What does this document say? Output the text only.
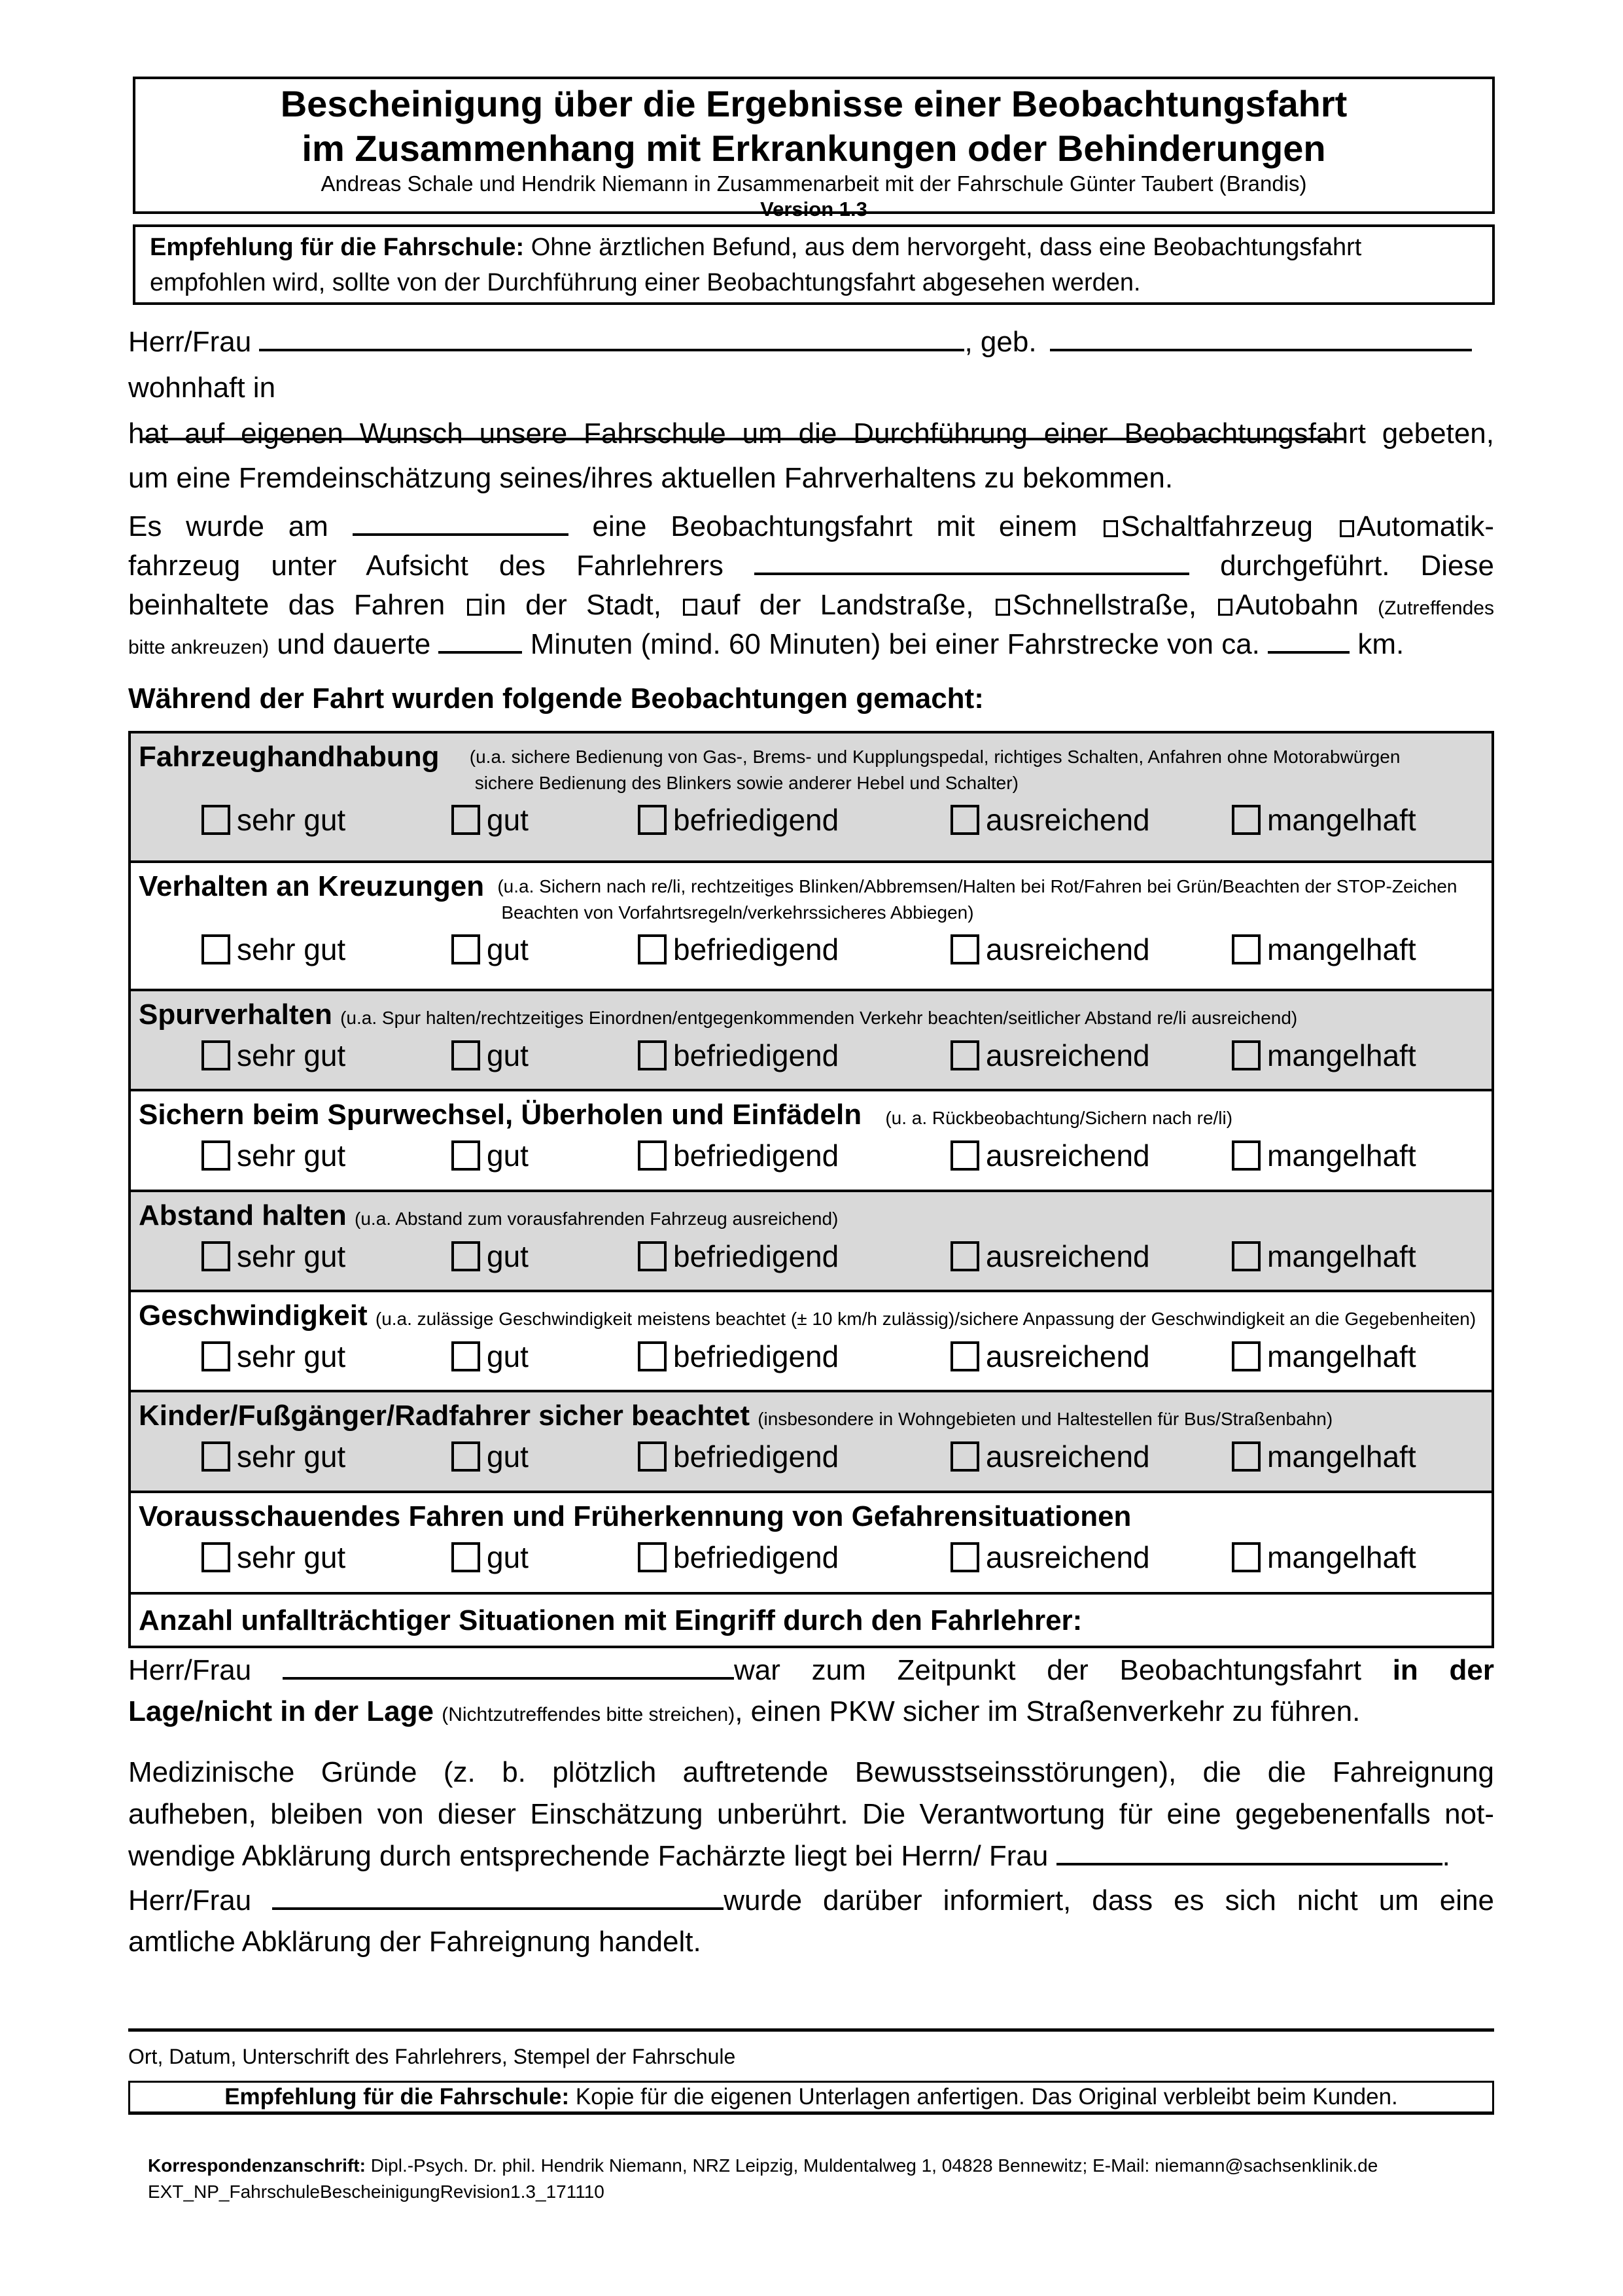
Bescheinigung über die Ergebnisse einer Beobachtungsfahrt
im Zusammenhang mit Erkrankungen oder Behinderungen
Andreas Schale und Hendrik Niemann in Zusammenarbeit mit der Fahrschule Günter Taubert (Brandis)
Version 1.3
Empfehlung für die Fahrschule: Ohne ärztlichen Befund, aus dem hervorgeht, dass eine Beobachtungsfahrt empfohlen wird, sollte von der Durchführung einer Beobachtungsfahrt abgesehen werden.
Herr/Frau	, geb.
wohnhaft in
hat auf eigenen Wunsch unsere Fahrschule um die Durchführung einer Beobachtungsfahrt gebeten,
um eine Fremdeinschätzung seines/ihres aktuellen Fahrverhaltens zu bekommen.
Es wurde am	eine Beobachtungsfahrt mit einem Schaltfahrzeug Automatik-
fahrzeug unter Aufsicht des Fahrlehrers	durchgeführt. Diese
beinhaltete das Fahren in der Stadt, auf der Landstraße, Schnellstraße, Autobahn (Zutreffendes
bitte ankreuzen) und dauerte	Minuten (mind. 60 Minuten) bei einer Fahrstrecke von ca.	km.
Während der Fahrt wurden folgende Beobachtungen gemacht:
Fahrzeughandhabung (u.a. sichere Bedienung von Gas-, Brems- und Kupplungspedal, richtiges Schalten, Anfahren ohne Motorabwürgen
sichere Bedienung des Blinkers sowie anderer Hebel und Schalter)
sehr gut	gut	befriedigend	ausreichend	mangelhaft
Verhalten an Kreuzungen (u.a. Sichern nach re/li, rechtzeitiges Blinken/Abbremsen/Halten bei Rot/Fahren bei Grün/Beachten der STOP-Zeichen
Beachten von Vorfahrtsregeln/verkehrssicheres Abbiegen)
sehr gut	gut	befriedigend	ausreichend	mangelhaft
Spurverhalten (u.a. Spur halten/rechtzeitiges Einordnen/entgegenkommenden Verkehr beachten/seitlicher Abstand re/li ausreichend)
sehr gut	gut	befriedigend	ausreichend	mangelhaft
Sichern beim Spurwechsel, Überholen und Einfädeln (u. a. Rückbeobachtung/Sichern nach re/li)
sehr gut	gut	befriedigend	ausreichend	mangelhaft
Abstand halten (u.a. Abstand zum vorausfahrenden Fahrzeug ausreichend)
sehr gut	gut	befriedigend	ausreichend	mangelhaft
Geschwindigkeit (u.a. zulässige Geschwindigkeit meistens beachtet (± 10 km/h zulässig)/sichere Anpassung der Geschwindigkeit an die Gegebenheiten)
sehr gut	gut	befriedigend	ausreichend	mangelhaft
Kinder/Fußgänger/Radfahrer sicher beachtet (insbesondere in Wohngebieten und Haltestellen für Bus/Straßenbahn)
sehr gut	gut	befriedigend	ausreichend	mangelhaft
Vorausschauendes Fahren und Früherkennung von Gefahrensituationen
sehr gut	gut	befriedigend	ausreichend	mangelhaft
Anzahl unfallträchtiger Situationen mit Eingriff durch den Fahrlehrer:
Herr/Frau	war zum Zeitpunkt der Beobachtungsfahrt in der
Lage/nicht in der Lage (Nichtzutreffendes bitte streichen), einen PKW sicher im Straßenverkehr zu führen.
Medizinische Gründe (z. b. plötzlich auftretende Bewusstseinsstörungen), die die Fahreignung
aufheben, bleiben von dieser Einschätzung unberührt. Die Verantwortung für eine gegebenenfalls not-
wendige Abklärung durch entsprechende Fachärzte liegt bei Herrn/ Frau	.
Herr/Frau	wurde darüber informiert, dass es sich nicht um eine
amtliche Abklärung der Fahreignung handelt.
Ort, Datum, Unterschrift des Fahrlehrers, Stempel der Fahrschule
Empfehlung für die Fahrschule: Kopie für die eigenen Unterlagen anfertigen. Das Original verbleibt beim Kunden.
Korrespondenzanschrift: Dipl.-Psych. Dr. phil. Hendrik Niemann, NRZ Leipzig, Muldentalweg 1, 04828 Bennewitz; E-Mail: niemann@sachsenklinik.de
EXT_NP_FahrschuleBescheinigungRevision1.3_171110
